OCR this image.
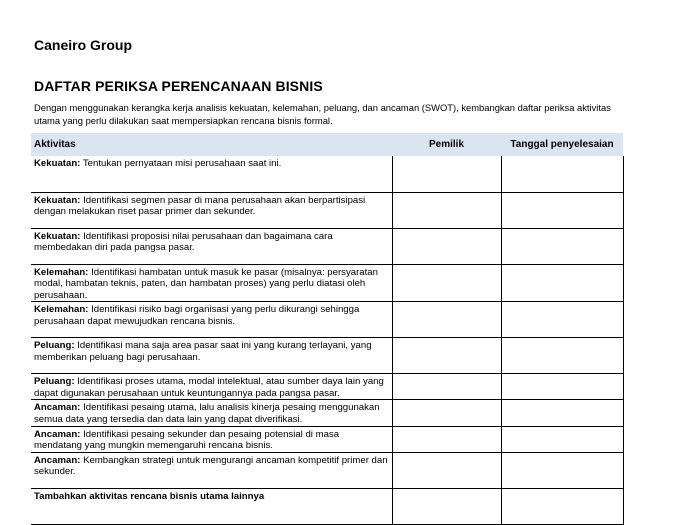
Caneiro Group
DAFTAR PERIKSA PERENCANAAN BISNIS

Dengan menggunakan kerangka kerja analisis kekuatan, kelemahan, peluang, dan ancaman (SWOT), kembangkan daftar periksa aktivitas utama yang perlu dilakukan saat mempersiapkan rencana bisnis formal.

Aktivitas	Pemilik	Tanggal penyelesaian
Kekuatan: Tentukan pernyataan misi perusahaan saat ini.		
Kekuatan: Identifikasi segmen pasar di mana perusahaan akan berpartisipasi dengan melakukan riset pasar primer dan sekunder.		
Kekuatan: Identifikasi proposisi nilai perusahaan dan bagaimana cara membedakan diri pada pangsa pasar.		
Kelemahan: Identifikasi hambatan untuk masuk ke pasar (misalnya: persyaratan modal, hambatan teknis, paten, dan hambatan proses) yang perlu diatasi oleh perusahaan.		
Kelemahan: Identifikasi risiko bagi organisasi yang perlu dikurangi sehingga perusahaan dapat mewujudkan rencana bisnis.		
Peluang: Identifikasi mana saja area pasar saat ini yang kurang terlayani, yang memberikan peluang bagi perusahaan.		
Peluang: Identifikasi proses utama, modal intelektual, atau sumber daya lain yang dapat digunakan perusahaan untuk keuntungannya pada pangsa pasar.		
Ancaman: Identifikasi pesaing utama, lalu analisis kinerja pesaing menggunakan semua data yang tersedia dan data lain yang dapat diverifikasi.		
Ancaman: Identifikasi pesaing sekunder dan pesaing potensial di masa mendatang yang mungkin memengaruhi rencana bisnis.		
Ancaman: Kembangkan strategi untuk mengurangi ancaman kompetitif primer dan sekunder.		
Tambahkan aktivitas rencana bisnis utama lainnya		
